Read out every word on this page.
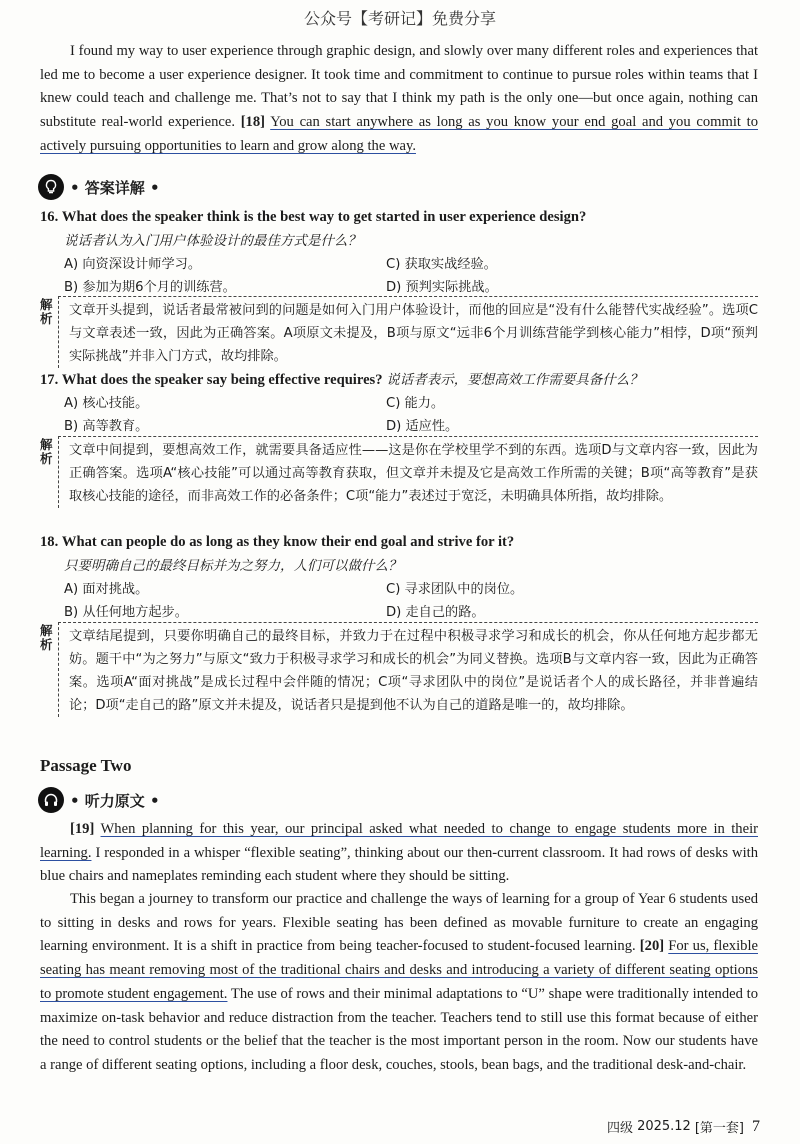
公众号【考研记】免费分享
I found my way to user experience through graphic design, and slowly over many different roles and experiences that led me to become a user experience designer. It took time and commitment to continue to pursue roles within teams that I knew could teach and challenge me. That’s not to say that I think my path is the only one—but once again, nothing can substitute real-world experience. [18] You can start anywhere as long as you know your end goal and you commit to actively pursuing opportunities to learn and grow along the way.
• 答案详解 •
16. What does the speaker think is the best way to get started in user experience design?
说话者认为入门用户体验设计的最佳方式是什么？
A) 向资深设计师学习。	C) 获取实战经验。
B) 参加为期6个月的训练营。	D) 预判实际挑战。
解析
文章开头提到，说话者最常被问到的问题是如何入门用户体验设计，而他的回应是“没有什么能替代实战经验”。选项C与文章表述一致，因此为正确答案。A项原文未提及，B项与原文“远非6个月训练营能学到核心能力”相悖，D项“预判实际挑战”并非入门方式，故均排除。
17. What does the speaker say being effective requires? 说话者表示，要想高效工作需要具备什么？
A) 核心技能。	C) 能力。
B) 高等教育。	D) 适应性。
解析
文章中间提到，要想高效工作，就需要具备适应性——这是你在学校里学不到的东西。选项D与文章内容一致，因此为正确答案。选项A“核心技能”可以通过高等教育获取，但文章并未提及它是高效工作所需的关键；B项“高等教育”是获取核心技能的途径，而非高效工作的必备条件；C项“能力”表述过于宽泛，未明确具体所指，故均排除。
18. What can people do as long as they know their end goal and strive for it?
只要明确自己的最终目标并为之努力，人们可以做什么？
A) 面对挑战。	C) 寻求团队中的岗位。
B) 从任何地方起步。	D) 走自己的路。
解析
文章结尾提到，只要你明确自己的最终目标，并致力于在过程中积极寻求学习和成长的机会，你从任何地方起步都无妨。题干中“为之努力”与原文“致力于积极寻求学习和成长的机会”为同义替换。选项B与文章内容一致，因此为正确答案。选项A“面对挑战”是成长过程中会伴随的情况；C项“寻求团队中的岗位”是说话者个人的成长路径，并非普遍结论；D项“走自己的路”原文并未提及，说话者只是提到他不认为自己的道路是唯一的，故均排除。
Passage Two
• 听力原文 •
[19] When planning for this year, our principal asked what needed to change to engage students more in their learning. I responded in a whisper “flexible seating”, thinking about our then-current classroom. It had rows of desks with blue chairs and nameplates reminding each student where they should be sitting.
This began a journey to transform our practice and challenge the ways of learning for a group of Year 6 students used to sitting in desks and rows for years. Flexible seating has been defined as movable furniture to create an engaging learning environment. It is a shift in practice from being teacher-focused to student-focused learning. [20] For us, flexible seating has meant removing most of the traditional chairs and desks and introducing a variety of different seating options to promote student engagement. The use of rows and their minimal adaptations to “U” shape were traditionally intended to maximize on-task behavior and reduce distraction from the teacher. Teachers tend to still use this format because of either the need to control students or the belief that the teacher is the most important person in the room. Now our students have a range of different seating options, including a floor desk, couches, stools, bean bags, and the traditional desk-and-chair.
四级 2025.12 [第一套] 7
